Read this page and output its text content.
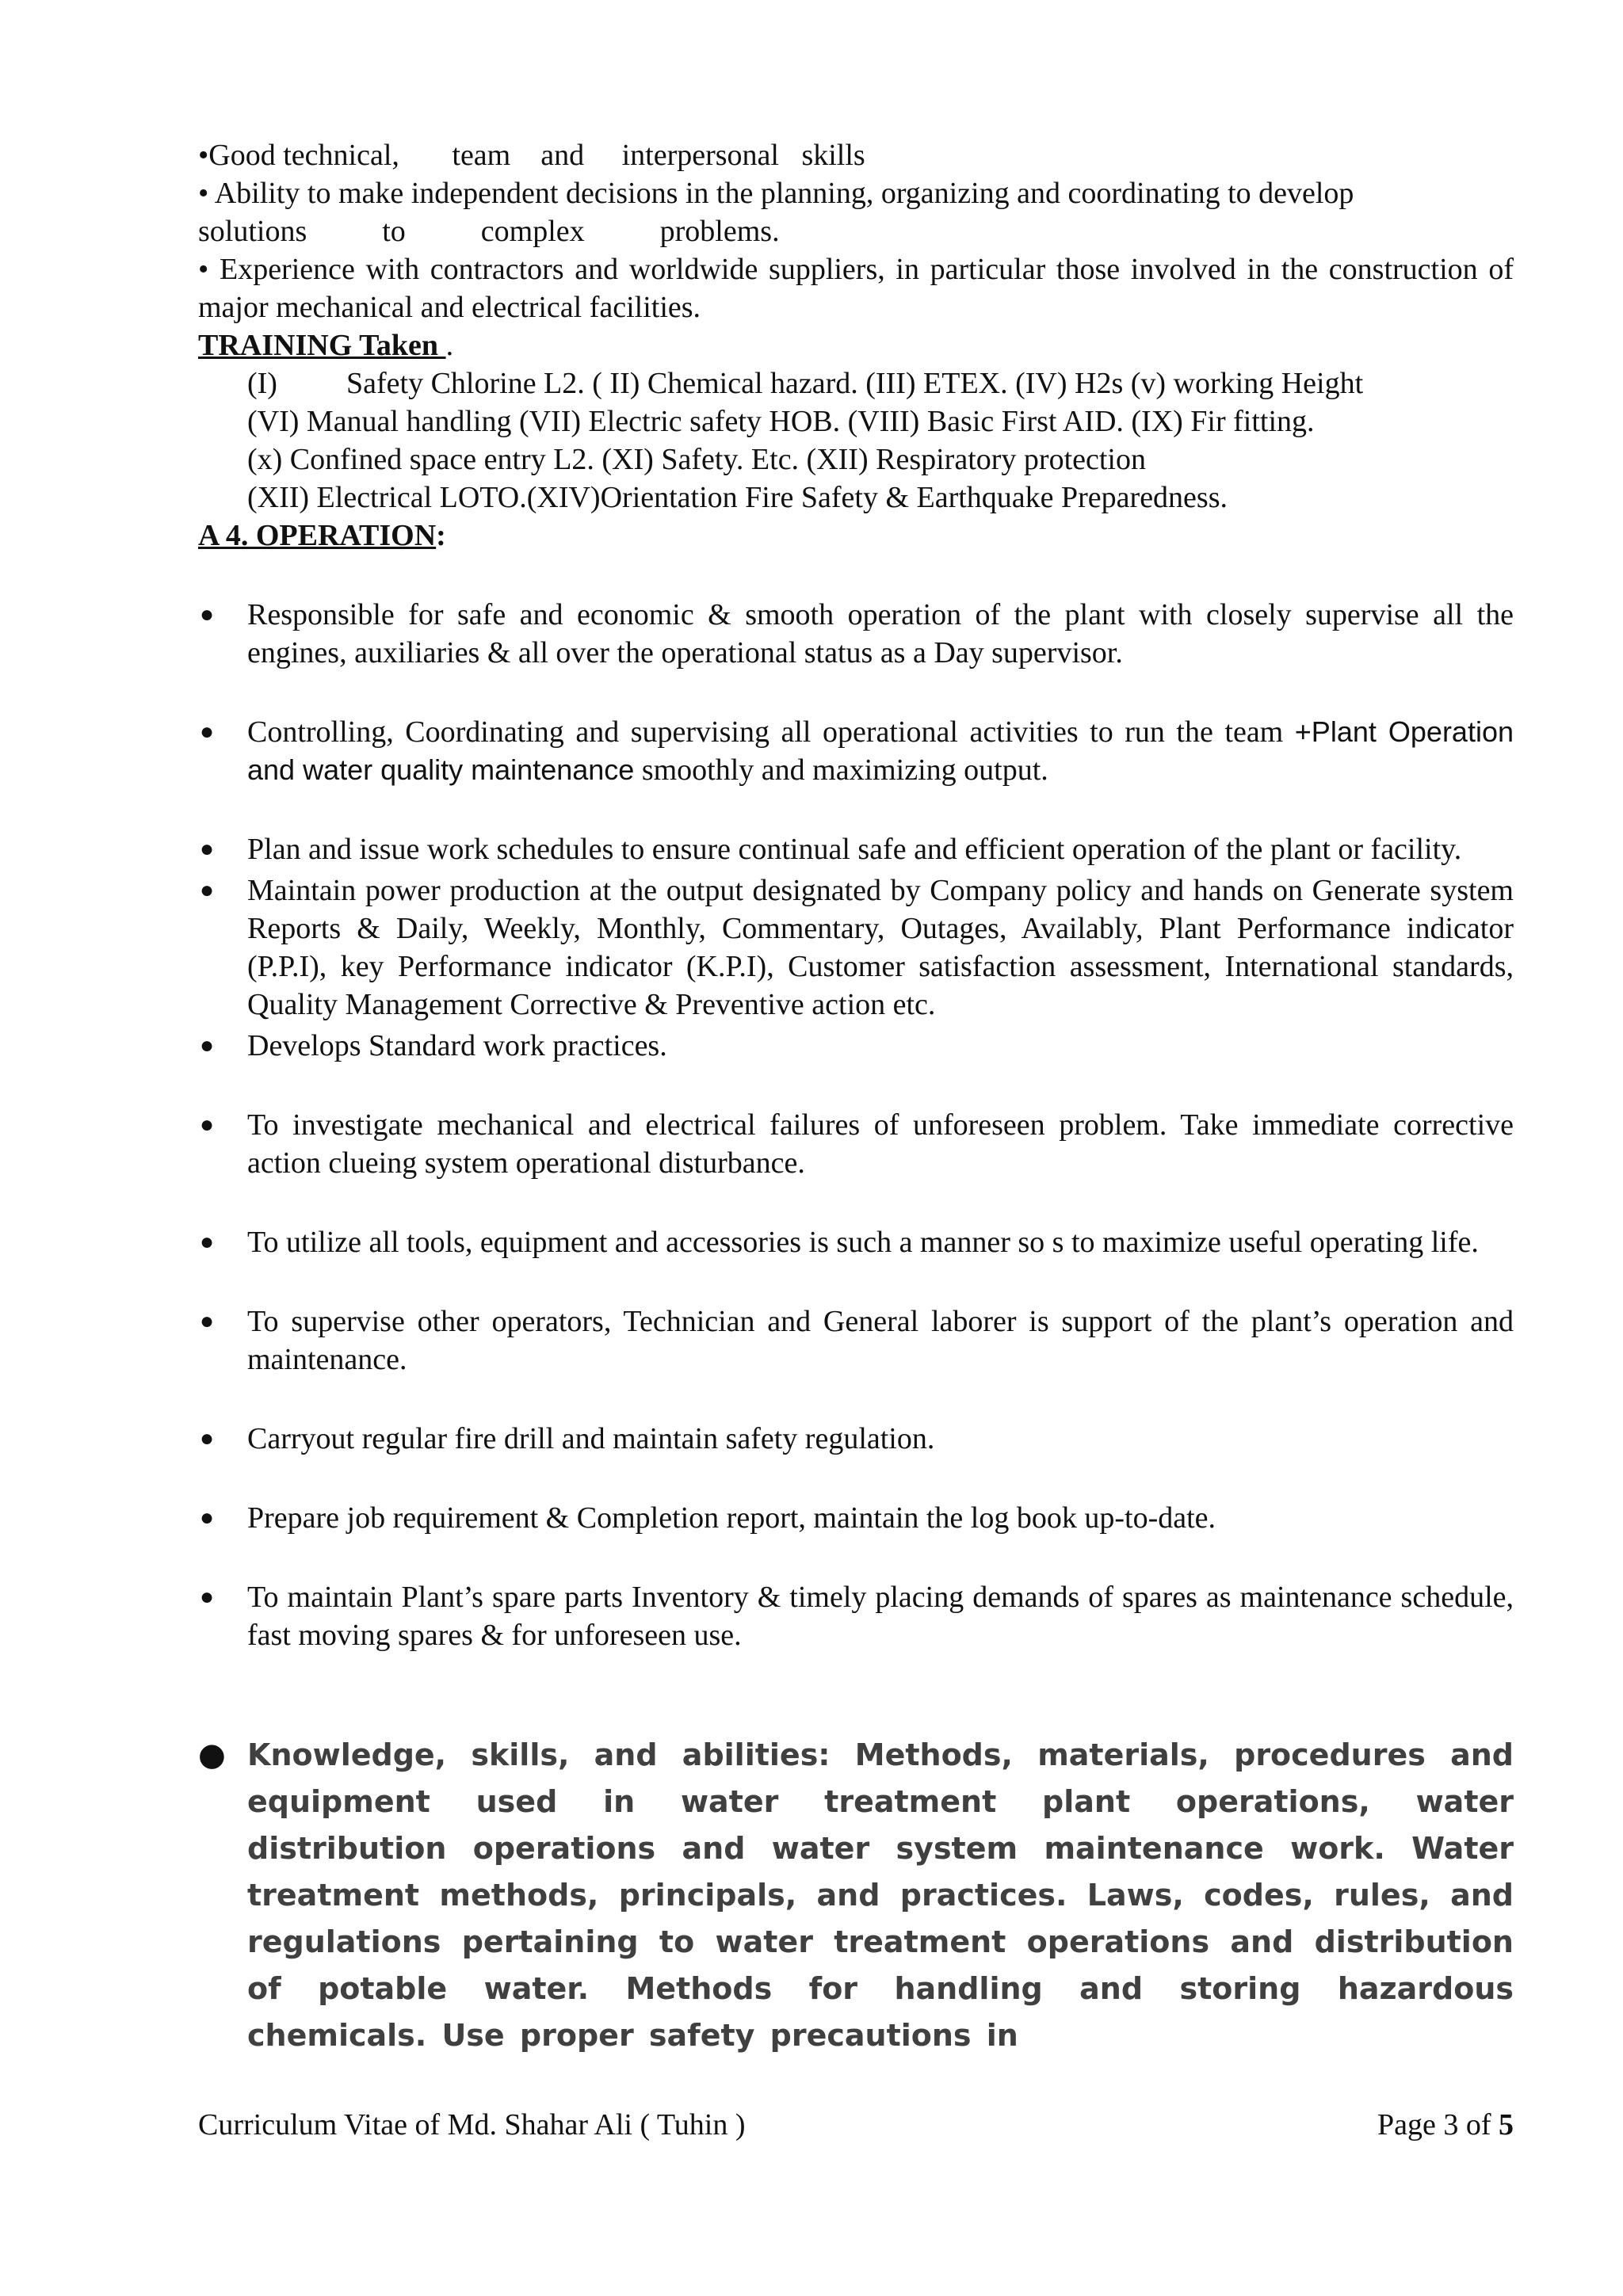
•Good technical,       team    and     interpersonal   skills

• Ability to make independent decisions in the planning, organizing and coordinating to develop

solutions          to          complex          problems.

• Experience with contractors and worldwide suppliers, in particular those involved in the construction of major mechanical and electrical facilities.

TRAINING Taken .

(I) Safety Chlorine L2. ( II) Chemical hazard. (III) ETEX. (IV) H2s (v) working Height

(VI) Manual handling (VII) Electric safety HOB. (VIII) Basic First AID. (IX) Fir fitting.

(x) Confined space entry L2. (XI) Safety. Etc. (XII) Respiratory protection

(XII) Electrical LOTO.(XIV)Orientation Fire Safety & Earthquake Preparedness.

A 4. OPERATION:

● Responsible for safe and economic & smooth operation of the plant with closely supervise all the engines, auxiliaries & all over the operational status as a Day supervisor.
● Controlling, Coordinating and supervising all operational activities to run the team +Plant Operation and water quality maintenance smoothly and maximizing output.
● Plan and issue work schedules to ensure continual safe and efficient operation of the plant or facility.
● Maintain power production at the output designated by Company policy and hands on Generate system Reports & Daily, Weekly, Monthly, Commentary, Outages, Availably, Plant Performance indicator (P.P.I), key Performance indicator (K.P.I), Customer satisfaction assessment, International standards, Quality Management Corrective & Preventive action etc.
● Develops Standard work practices.
● To investigate mechanical and electrical failures of unforeseen problem. Take immediate corrective action clueing system operational disturbance.
● To utilize all tools, equipment and accessories is such a manner so s to maximize useful operating life.
● To supervise other operators, Technician and General laborer is support of the plant’s operation and maintenance.
● Carryout regular fire drill and maintain safety regulation.
● Prepare job requirement & Completion report, maintain the log book up-to-date.
● To maintain Plant’s spare parts Inventory & timely placing demands of spares as maintenance schedule, fast moving spares & for unforeseen use.
● Knowledge, skills, and abilities: Methods, materials, procedures and equipment used in water treatment plant operations, water distribution operations and water system maintenance work. Water treatment methods, principals, and practices. Laws, codes, rules, and regulations pertaining to water treatment operations and distribution of potable water. Methods for handling and storing hazardous chemicals. Use proper safety precautions in
Curriculum Vitae of Md. Shahar Ali ( Tuhin )	Page 3 of 5
